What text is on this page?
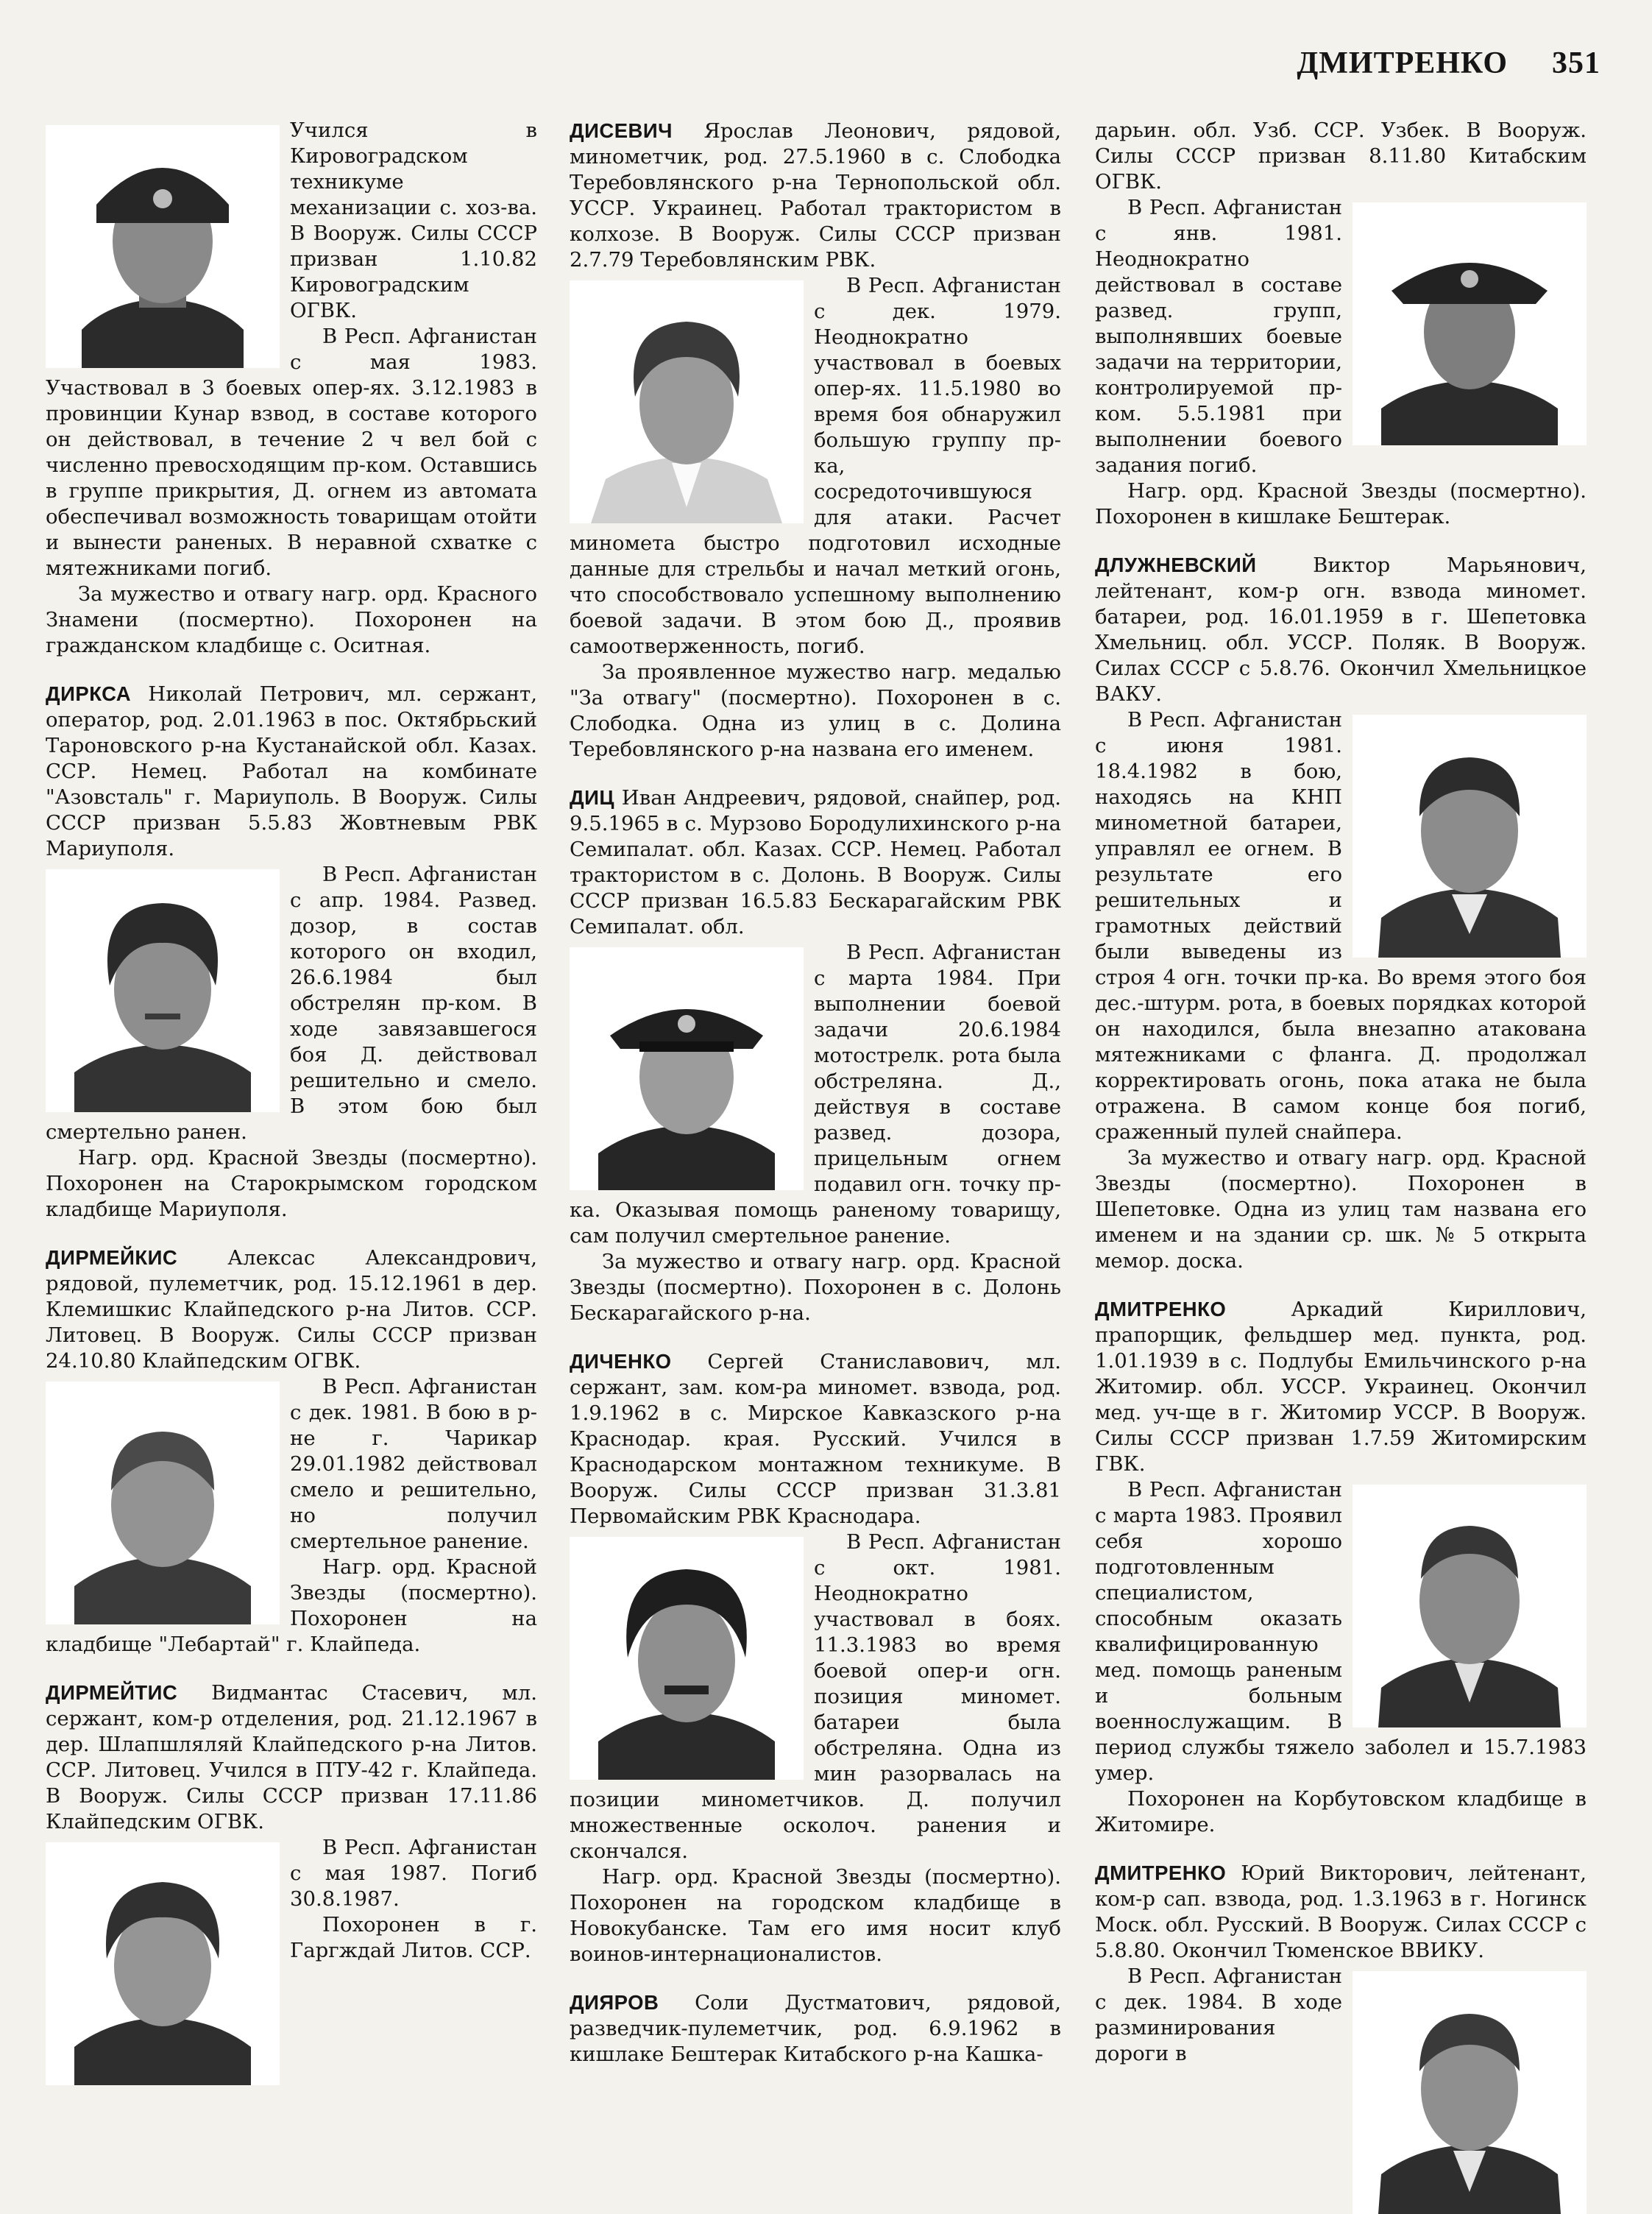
ДМИТРЕНКО 351

Учился в Кировоградском техникуме механизации с. хоз-ва. В Вооруж. Силы СССР призван 1.10.82 Кировоградским ОГВК.

В Респ. Афганистан с мая 1983. Участвовал в 3 боевых опер-ях. 3.12.1983 в провинции Кунар взвод, в составе которого он действовал, в течение 2 ч вел бой с численно превосходящим пр-ком. Оставшись в группе прикрытия, Д. огнем из автомата обеспечивал возможность товарищам отойти и вынести раненых. В неравной схватке с мятежниками погиб.

За мужество и отвагу нагр. орд. Красного Знамени (посмертно). Похоронен на гражданском кладбище с. Оситная.

ДИРКСА Николай Петрович, мл. сержант, оператор, род. 2.01.1963 в пос. Октябрьский Тароновского р-на Кустанайской обл. Казах. ССР. Немец. Работал на комбинате "Азовсталь" г. Мариуполь. В Вооруж. Силы СССР призван 5.5.83 Жовтневым РВК Мариуполя.

В Респ. Афганистан с апр. 1984. Развед. дозор, в состав которого он входил, 26.6.1984 был обстрелян пр-ком. В ходе завязавшегося боя Д. действовал решительно и смело. В этом бою был смертельно ранен.

Нагр. орд. Красной Звезды (посмертно). Похоронен на Старокрымском городском кладбище Мариуполя.

ДИРМЕЙКИС Алексас Александрович, рядовой, пулеметчик, род. 15.12.1961 в дер. Клемишкис Клайпедского р-на Литов. ССР. Литовец. В Вооруж. Силы СССР призван 24.10.80 Клайпедским ОГВК.

В Респ. Афганистан с дек. 1981. В бою в р-не г. Чарикар 29.01.1982 действовал смело и решительно, но получил смертельное ранение.

Нагр. орд. Красной Звезды (посмертно). Похоронен на кладбище "Лебартай" г. Клайпеда.

ДИРМЕЙТИС Видмантас Стасевич, мл. сержант, ком-р отделения, род. 21.12.1967 в дер. Шлапшляляй Клайпедского р-на Литов. ССР. Литовец. Учился в ПТУ-42 г. Клайпеда. В Вооруж. Силы СССР призван 17.11.86 Клайпедским ОГВК.

В Респ. Афганистан с мая 1987. Погиб 30.8.1987.

Похоронен в г. Гаргждай Литов. ССР.

ДИСЕВИЧ Ярослав Леонович, рядовой, минометчик, род. 27.5.1960 в с. Слободка Теребовлянского р-на Тернопольской обл. УССР. Украинец. Работал трактористом в колхозе. В Вооруж. Силы СССР призван 2.7.79 Теребовлянским РВК.

В Респ. Афганистан с дек. 1979. Неоднократно участвовал в боевых опер-ях. 11.5.1980 во время боя обнаружил большую группу пр-ка, сосредоточившуюся для атаки. Расчет миномета быстро подготовил исходные данные для стрельбы и начал меткий огонь, что способствовало успешному выполнению боевой задачи. В этом бою Д., проявив самоотверженность, погиб.

За проявленное мужество нагр. медалью "За отвагу" (посмертно). Похоронен в с. Слободка. Одна из улиц в с. Долина Теребовлянского р-на названа его именем.

ДИЦ Иван Андреевич, рядовой, снайпер, род. 9.5.1965 в с. Мурзово Бородулихинского р-на Семипалат. обл. Казах. ССР. Немец. Работал трактористом в с. Долонь. В Вооруж. Силы СССР призван 16.5.83 Бескарагайским РВК Семипалат. обл.

В Респ. Афганистан с марта 1984. При выполнении боевой задачи 20.6.1984 мотострелк. рота была обстреляна. Д., действуя в составе развед. дозора, прицельным огнем подавил огн. точку пр-ка. Оказывая помощь раненому товарищу, сам получил смертельное ранение.

За мужество и отвагу нагр. орд. Красной Звезды (посмертно). Похоронен в с. Долонь Бескарагайского р-на.

ДИЧЕНКО Сергей Станиславович, мл. сержант, зам. ком-ра миномет. взвода, род. 1.9.1962 в с. Мирское Кавказского р-на Краснодар. края. Русский. Учился в Краснодарском монтажном техникуме. В Вооруж. Силы СССР призван 31.3.81 Первомайским РВК Краснодара.

В Респ. Афганистан с окт. 1981. Неоднократно участвовал в боях. 11.3.1983 во время боевой опер-и огн. позиция миномет. батареи была обстреляна. Одна из мин разорвалась на позиции минометчиков. Д. получил множественные осколоч. ранения и скончался.

Нагр. орд. Красной Звезды (посмертно). Похоронен на городском кладбище в Новокубанске. Там его имя носит клуб воинов-интернационалистов.

ДИЯРОВ Соли Дустматович, рядовой, разведчик-пулеметчик, род. 6.9.1962 в кишлаке Бештерак Китабского р-на Кашка-

дарьин. обл. Узб. ССР. Узбек. В Вооруж. Силы СССР призван 8.11.80 Китабским ОГВК.

В Респ. Афганистан с янв. 1981. Неоднократно действовал в составе развед. групп, выполнявших боевые задачи на территории, контролируемой пр-ком. 5.5.1981 при выполнении боевого задания погиб.

Нагр. орд. Красной Звезды (посмертно). Похоронен в кишлаке Бештерак.

ДЛУЖНЕВСКИЙ	Виктор Марьянович, лейтенант, ком-р огн. взвода миномет. батареи, род. 16.01.1959 в г. Шепетовка Хмельниц. обл. УССР. Поляк. В Вооруж. Силах СССР с 5.8.76. Окончил Хмельницкое ВАКУ.

В Респ. Афганистан с июня 1981. 18.4.1982 в бою, находясь на КНП минометной батареи, управлял ее огнем. В результате его решительных и грамотных действий были выведены из строя 4 огн. точки пр-ка. Во время этого боя дес.-штурм. рота, в боевых порядках которой он находился, была внезапно атакована мятежниками с фланга. Д. продолжал корректировать огонь, пока атака не была отражена. В самом конце боя погиб, сраженный пулей снайпера.

За мужество и отвагу нагр. орд. Красной Звезды (посмертно). Похоронен в Шепетовке. Одна из улиц там названа его именем и на здании ср. шк. № 5 открыта мемор. доска.

ДМИТРЕНКО	Аркадий Кириллович, прапорщик, фельдшер мед. пункта, род. 1.01.1939 в с. Подлубы Емильчинского р-на Житомир. обл. УССР. Украинец. Окончил мед. уч-ще в г. Житомир УССР. В Вооруж. Силы СССР призван 1.7.59 Житомирским ГВК.

В Респ. Афганистан с марта 1983. Проявил себя хорошо подготовленным специалистом, способным оказать квалифицированную мед. помощь раненым и больным военнослужащим. В период службы тяжело заболел и 15.7.1983 умер.

Похоронен на Корбутовском кладбище в Житомире.

ДМИТРЕНКО Юрий Викторович, лейтенант, ком-р сап. взвода, род. 1.3.1963 в г. Ногинск Моск. обл. Русский. В Вооруж. Силах СССР с 5.8.80. Окончил Тюменское ВВИКУ.

В Респ. Афганистан с дек. 1984. В ходе разминирования дороги в
